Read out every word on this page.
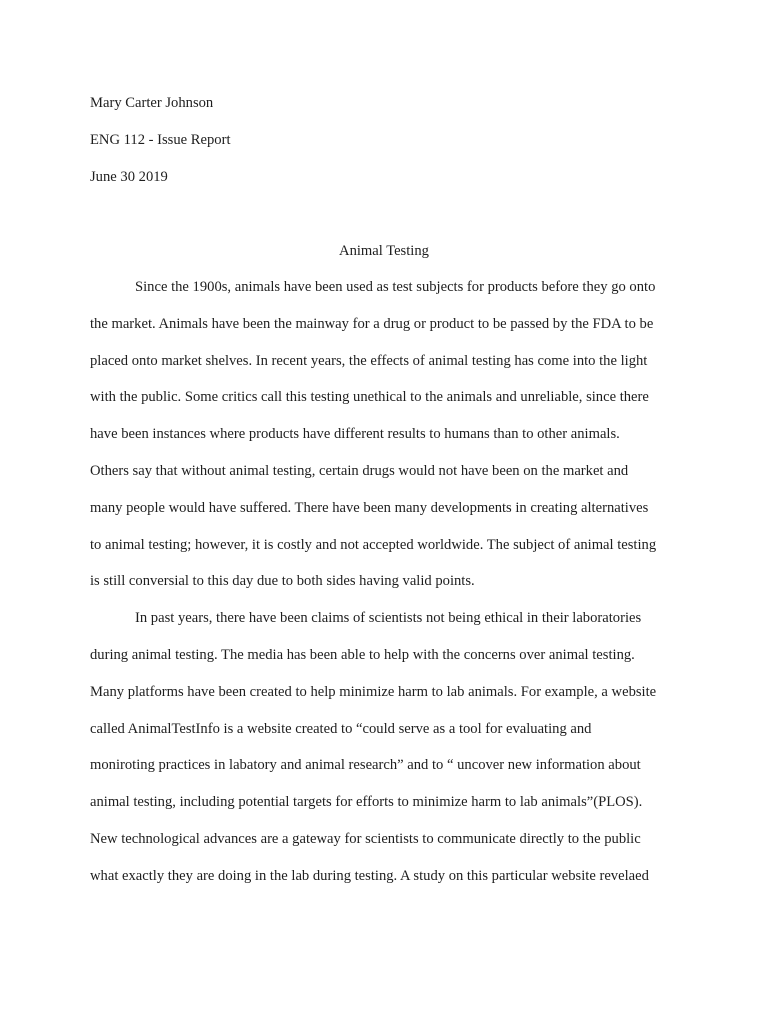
Mary Carter Johnson

ENG 112 - Issue Report

June 30 2019

Animal Testing

Since the 1900s, animals have been used as test subjects for products before they go onto
the market. Animals have been the mainway for a drug or product to be passed by the FDA to be
placed onto market shelves. In recent years, the effects of animal testing has come into the light
with the public. Some critics call this testing unethical to the animals and unreliable, since there
have been instances where products have different results to humans than to other animals.
Others say that without animal testing, certain drugs would not have been on the market and
many people would have suffered. There have been many developments in creating alternatives
to animal testing; however, it is costly and not accepted worldwide. The subject of animal testing
is still conversial to this day due to both sides having valid points.
In past years, there have been claims of scientists not being ethical in their laboratories
during animal testing. The media has been able to help with the concerns over animal testing.
Many platforms have been created to help minimize harm to lab animals. For example, a website
called AnimalTestInfo is a website created to “could serve as a tool for evaluating and
moniroting practices in labatory and animal research” and to “ uncover new information about
animal testing, including potential targets for efforts to minimize harm to lab animals”(PLOS).
New technological advances are a gateway for scientists to communicate directly to the public
what exactly they are doing in the lab during testing. A study on this particular website revelaed
